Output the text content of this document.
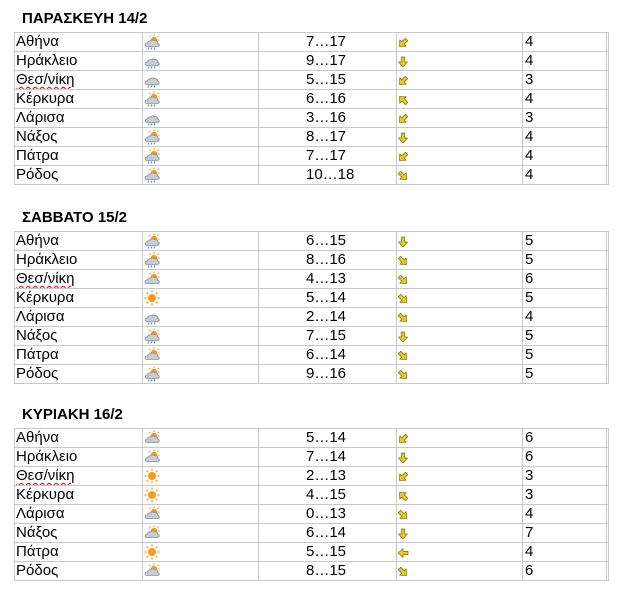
ΠΑΡΑΣΚΕΥΗ 14/2
Αθήνα		7…17		4	

Ηράκλειο		9…17		4	

Θεσ/νίκη		5…15		3	

Κέρκυρα		6…16		4	

Λάρισα		3…16		3	

Νάξος		8…17		4	

Πάτρα		7…17		4	

Ρόδος		10…18		4	
ΣΑΒΒΑΤΟ 15/2
Αθήνα		6…15		5	

Ηράκλειο		8…16		5	

Θεσ/νίκη		4…13		6	

Κέρκυρα		5…14		5	

Λάρισα		2…14		4	

Νάξος		7…15		5	

Πάτρα		6…14		5	

Ρόδος		9…16		5	
ΚΥΡΙΑΚΗ 16/2
Αθήνα		5…14		6	

Ηράκλειο		7…14		6	

Θεσ/νίκη		2…13		3	

Κέρκυρα		4…15		3	

Λάρισα		0…13		4	

Νάξος		6…14		7	

Πάτρα		5…15		4	

Ρόδος		8…15		6	
